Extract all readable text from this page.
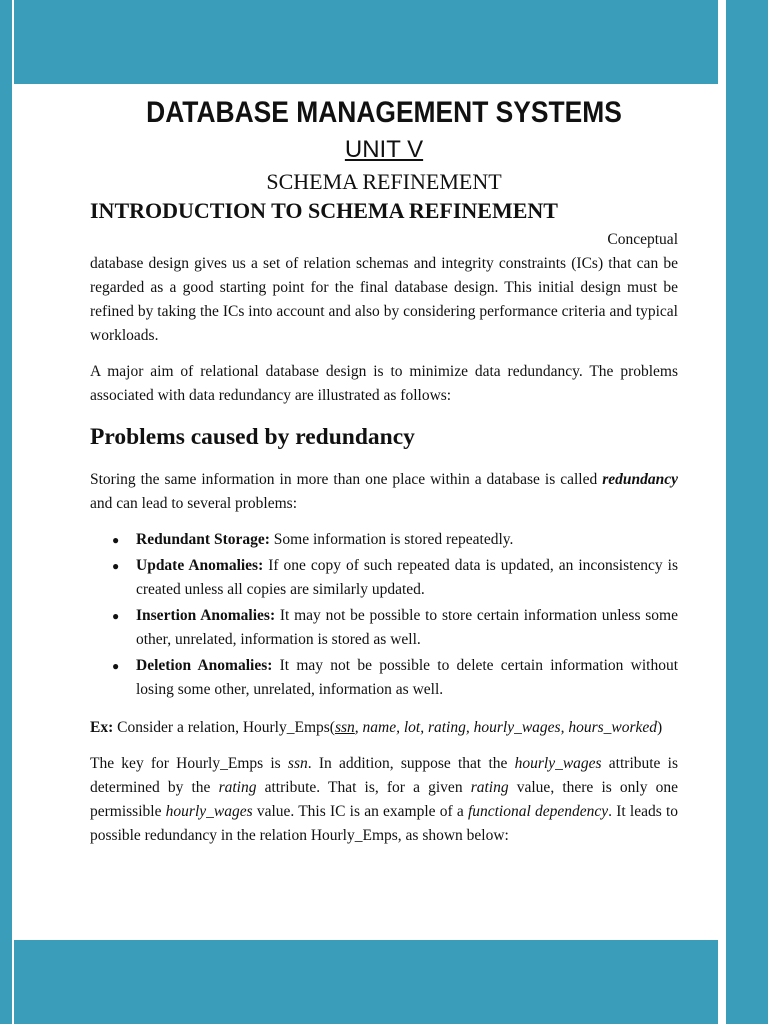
DATABASE MANAGEMENT SYSTEMS
UNIT V
SCHEMA REFINEMENT
INTRODUCTION TO SCHEMA REFINEMENT

Conceptual
database design gives us a set of relation schemas and integrity constraints (ICs) that can be regarded as a good starting point for the final database design. This initial design must be refined by taking the ICs into account and also by considering performance criteria and typical workloads.

A major aim of relational database design is to minimize data redundancy. The problems associated with data redundancy are illustrated as follows:

Problems caused by redundancy

Storing the same information in more than one place within a database is called redundancy and can lead to several problems:

● Redundant Storage: Some information is stored repeatedly.
● Update Anomalies: If one copy of such repeated data is updated, an inconsistency is created unless all copies are similarly updated.
● Insertion Anomalies: It may not be possible to store certain information unless some other, unrelated, information is stored as well.
● Deletion Anomalies: It may not be possible to delete certain information without losing some other, unrelated, information as well.

Ex: Consider a relation, Hourly_Emps(ssn, name, lot, rating, hourly_wages, hours_worked)

The key for Hourly_Emps is ssn. In addition, suppose that the hourly_wages attribute is determined by the rating attribute. That is, for a given rating value, there is only one permissible hourly_wages value. This IC is an example of a functional dependency. It leads to possible redundancy in the relation Hourly_Emps, as shown below:
